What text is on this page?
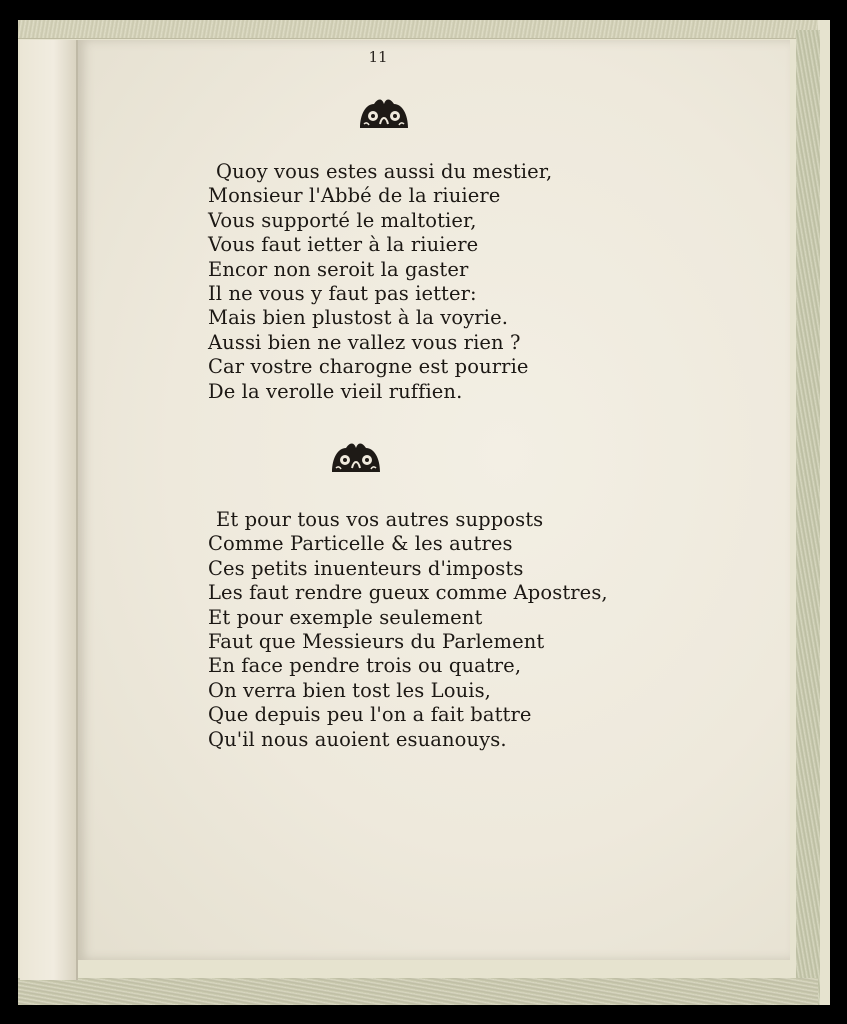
11
Quoy vous estes aussi du mestier,
Monsieur l'Abbé de la riuiere
Vous supporté le maltotier,
Vous faut ietter à la riuiere
Encor non seroit la gaster
Il ne vous y faut pas ietter:
Mais bien plustost à la voyrie.
Aussi bien ne vallez vous rien ?
Car vostre charogne est pourrie
De la verolle vieil ruffien.
Et pour tous vos autres supposts
Comme Particelle & les autres
Ces petits inuenteurs d'imposts
Les faut rendre gueux comme Apostres,
Et pour exemple seulement
Faut que Messieurs du Parlement
En face pendre trois ou quatre,
On verra bien tost les Louis,
Que depuis peu l'on a fait battre
Qu'il nous auoient esuanouys.
